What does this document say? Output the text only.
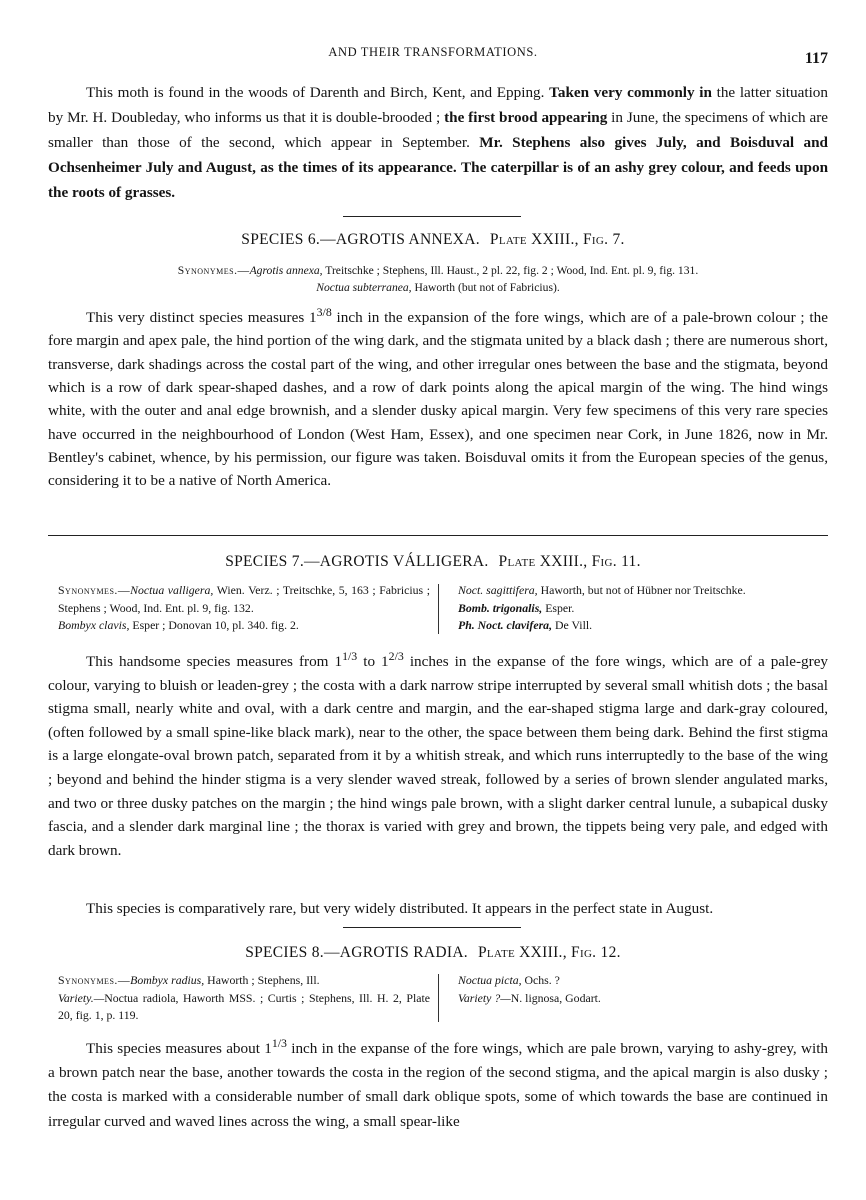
AND THEIR TRANSFORMATIONS.	117

This moth is found in the woods of Darenth and Birch, Kent, and Epping. Taken very commonly in the latter situation by Mr. H. Doubleday, who informs us that it is double-brooded ; the first brood appearing in June, the specimens of which are smaller than those of the second, which appear in September. Mr. Stephens also gives July, and Boisduval and Ochsenheimer July and August, as the times of its appearance. The caterpillar is of an ashy grey colour, and feeds upon the roots of grasses.

SPECIES 6.—AGROTIS ANNEXA. Plate XXIII., Fig. 7.

Synonymes.—Agrotis annexa, Treitschke ; Stephens, Ill. Haust., 2 pl. 22, fig. 2 ; Wood, Ind. Ent. pl. 9, fig. 131.
Noctua subterranea, Haworth (but not of Fabricius).

This very distinct species measures $1^{3/8}$ inch in the expansion of the fore wings, which are of a pale-brown colour ; the fore margin and apex pale, the hind portion of the wing dark, and the stigmata united by a black dash ; there are numerous short, transverse, dark shadings across the costal part of the wing, and other irregular ones between the base and the stigmata, beyond which is a row of dark spear-shaped dashes, and a row of dark points along the apical margin of the wing. The hind wings white, with the outer and anal edge brownish, and a slender dusky apical margin. Very few specimens of this very rare species have occurred in the neighbourhood of London (West Ham, Essex), and one specimen near Cork, in June 1826, now in Mr. Bentley's cabinet, whence, by his permission, our figure was taken. Boisduval omits it from the European species of the genus, considering it to be a native of North America.

SPECIES 7.—AGROTIS VÁLLIGERA. Plate XXIII., Fig. 11.

Synonymes.—Noctua valligera, Wien. Verz. ; Treitschke, 5, 163 ; Fabricius ; Stephens ; Wood, Ind. Ent. pl. 9, fig. 132.
Bombyx clavis, Esper ; Donovan 10, pl. 340. fig. 2.

Noct. sagittifera, Haworth, but not of Hübner nor Treitschke.
Bomb. trigonalis, Esper.
Ph. Noct. clavifera, De Vill.

This handsome species measures from $1^{1/3}$ to $1^{2/3}$ inches in the expanse of the fore wings, which are of a pale-grey colour, varying to bluish or leaden-grey ; the costa with a dark narrow stripe interrupted by several small whitish dots ; the basal stigma small, nearly white and oval, with a dark centre and margin, and the ear-shaped stigma large and dark-gray coloured, (often followed by a small spine-like black mark), near to the other, the space between them being dark. Behind the first stigma is a large elongate-oval brown patch, separated from it by a whitish streak, and which runs interruptedly to the base of the wing ; beyond and behind the hinder stigma is a very slender waved streak, followed by a series of brown slender angulated marks, and two or three dusky patches on the margin ; the hind wings pale brown, with a slight darker central lunule, a subapical dusky fascia, and a slender dark marginal line ; the thorax is varied with grey and brown, the tippets being very pale, and edged with dark brown.

This species is comparatively rare, but very widely distributed. It appears in the perfect state in August.

SPECIES 8.—AGROTIS RADIA. Plate XXIII., Fig. 12.

Synonymes.—Bombyx radius, Haworth ; Stephens, Ill.
Variety.—Noctua radiola, Haworth MSS. ; Curtis ; Stephens, Ill. H. 2, Plate 20, fig. 1, p. 119.

Noctua picta, Ochs. ?
Variety ?—N. lignosa, Godart.

This species measures about $1^{1/3}$ inch in the expanse of the fore wings, which are pale brown, varying to ashy-grey, with a brown patch near the base, another towards the costa in the region of the second stigma, and the apical margin is also dusky ; the costa is marked with a considerable number of small dark oblique spots, some of which towards the base are continued in irregular curved and waved lines across the wing, a small spear-like
